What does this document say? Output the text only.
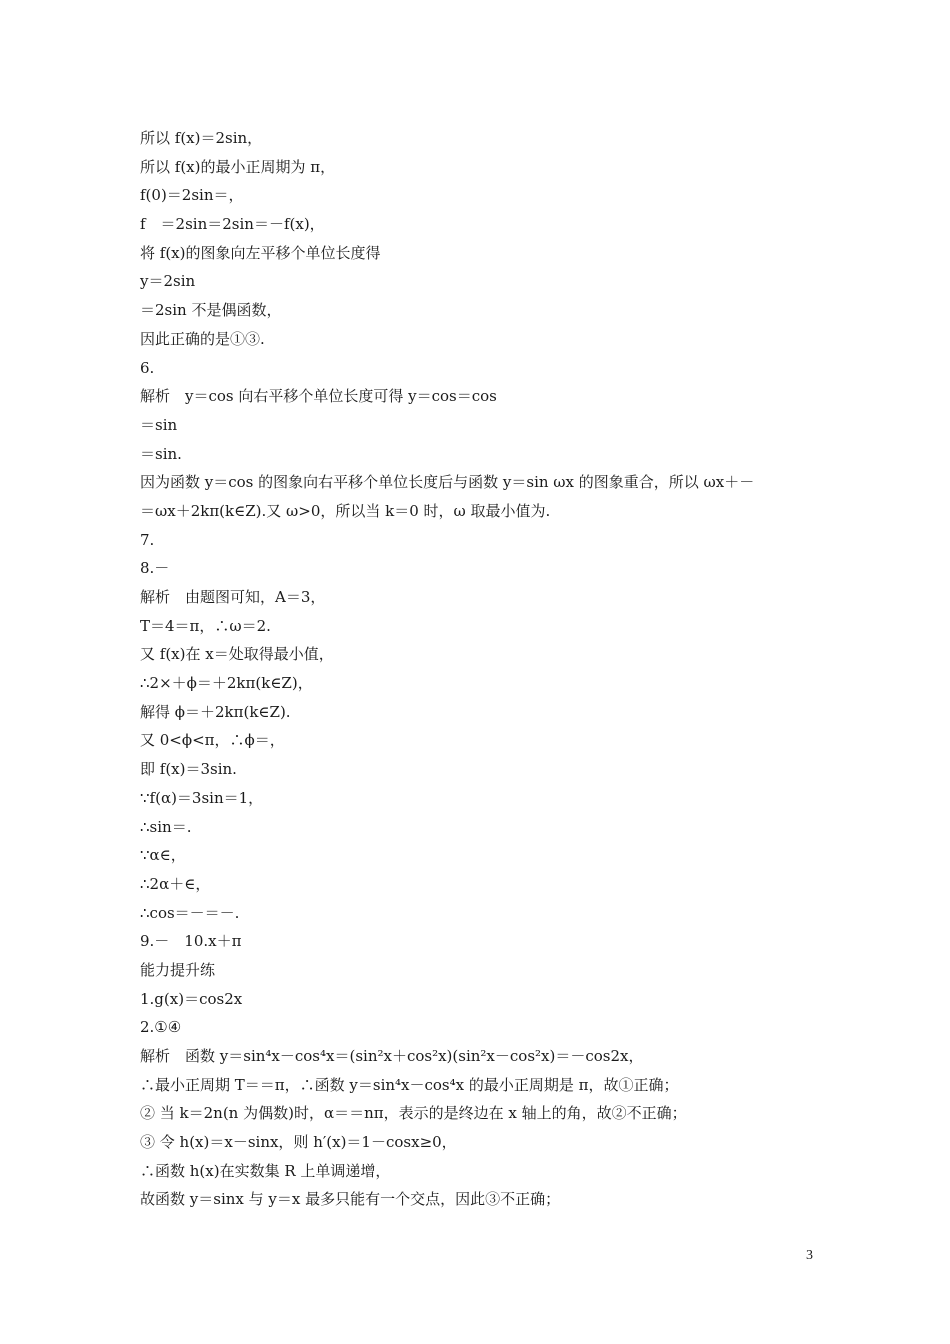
所以 f(x)＝2sin，
所以 f(x)的最小正周期为 π，
f(0)＝2sin＝，
f　＝2sin＝2sin＝－f(x)，
将 f(x)的图象向左平移个单位长度得
y＝2sin
＝2sin 不是偶函数，
因此正确的是①③.
6.
解析　y＝cos 向右平移个单位长度可得 y＝cos＝cos
＝sin
＝sin.
因为函数 y＝cos 的图象向右平移个单位长度后与函数 y＝sin ωx 的图象重合，所以 ωx＋－
＝ωx＋2kπ(k∈Z).又 ω>0，所以当 k＝0 时，ω 取最小值为.
7.
8.－
解析　由题图可知，A＝3，
T＝4＝π，∴ω＝2.
又 f(x)在 x＝处取得最小值，
∴2×＋ϕ＝＋2kπ(k∈Z)，
解得 ϕ＝＋2kπ(k∈Z).
又 0<ϕ<π，∴ϕ＝，
即 f(x)＝3sin.
∵f(α)＝3sin＝1，
∴sin＝.
∵α∈，
∴2α＋∈，
∴cos＝－＝－.
9.－　10.x＋π
能力提升练
1.g(x)＝cos2x
2.①④
解析　函数 y＝sin⁴x－cos⁴x＝(sin²x＋cos²x)(sin²x－cos²x)＝－cos2x，
∴最小正周期 T＝＝π，∴函数 y＝sin⁴x－cos⁴x 的最小正周期是 π，故①正确；
② 当 k＝2n(n 为偶数)时，α＝＝nπ，表示的是终边在 x 轴上的角，故②不正确；
③ 令 h(x)＝x－sinx，则 h′(x)＝1－cosx≥0，
∴函数 h(x)在实数集 R 上单调递增，
故函数 y＝sinx 与 y＝x 最多只能有一个交点，因此③不正确；
3
